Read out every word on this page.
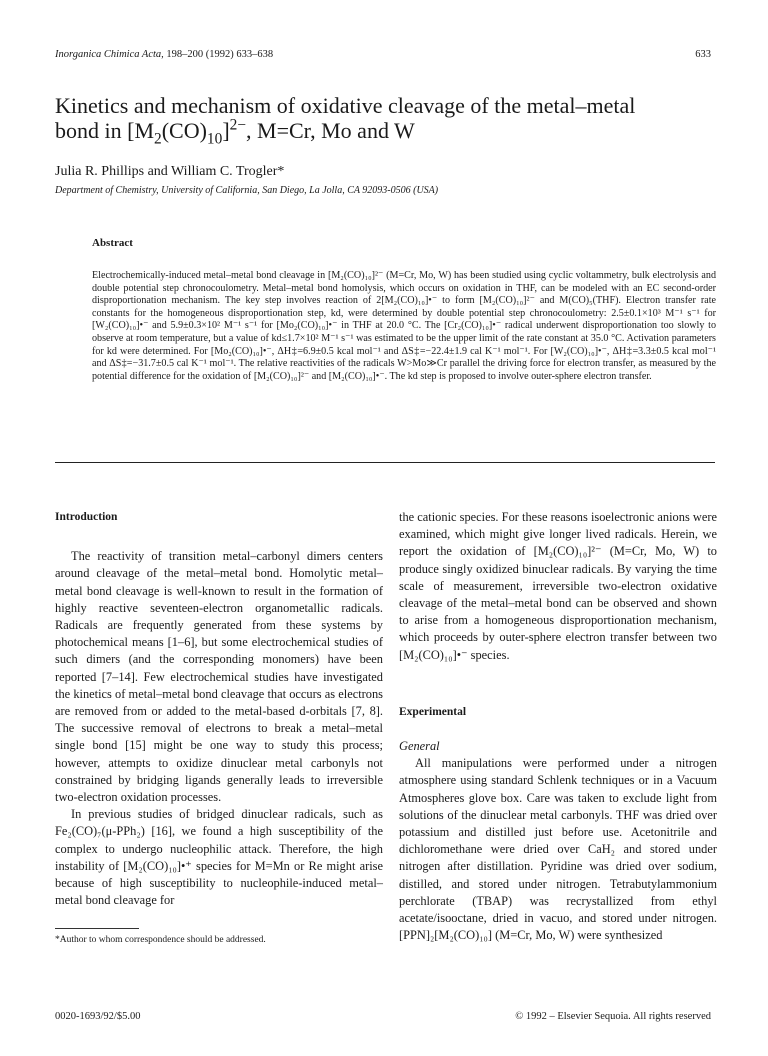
Inorganica Chimica Acta, 198–200 (1992) 633–638	633
Kinetics and mechanism of oxidative cleavage of the metal–metal
bond in $[M_2(CO)_{10}]^{2-}$, M=Cr, Mo and W
Julia R. Phillips and William C. Trogler*
Department of Chemistry, University of California, San Diego, La Jolla, CA 92093-0506 (USA)
Abstract
Electrochemically-induced metal–metal bond cleavage in [M₂(CO)₁₀]²⁻ (M=Cr, Mo, W) has been studied using cyclic voltammetry, bulk electrolysis and double potential step chronocoulometry. Metal–metal bond homolysis, which occurs on oxidation in THF, can be modeled with an EC second-order disproportionation mechanism. The key step involves reaction of 2[M₂(CO)₁₀]•⁻ to form [M₂(CO)₁₀]²⁻ and M(CO)₅(THF). Electron transfer rate constants for the homogeneous disproportionation step, kd, were determined by double potential step chronocoulometry: 2.5±0.1×10³ M⁻¹ s⁻¹ for [W₂(CO)₁₀]•⁻ and 5.9±0.3×10² M⁻¹ s⁻¹ for [Mo₂(CO)₁₀]•⁻ in THF at 20.0 °C. The [Cr₂(CO)₁₀]•⁻ radical underwent disproportionation too slowly to observe at room temperature, but a value of kd≤1.7×10² M⁻¹ s⁻¹ was estimated to be the upper limit of the rate constant at 35.0 °C. Activation parameters for kd were determined. For [Mo₂(CO)₁₀]•⁻, ΔH‡=6.9±0.5 kcal mol⁻¹ and ΔS‡=−22.4±1.9 cal K⁻¹ mol⁻¹. For [W₂(CO)₁₀]•⁻, ΔH‡=3.3±0.5 kcal mol⁻¹ and ΔS‡=−31.7±0.5 cal K⁻¹ mol⁻¹. The relative reactivities of the radicals W>Mo≫Cr parallel the driving force for electron transfer, as measured by the potential difference for the oxidation of [M₂(CO)₁₀]²⁻ and [M₂(CO)₁₀]•⁻. The kd step is proposed to involve outer-sphere electron transfer.
Introduction

The reactivity of transition metal–carbonyl dimers centers around cleavage of the metal–metal bond. Homolytic metal–metal bond cleavage is well-known to result in the formation of highly reactive seventeen-electron organometallic radicals. Radicals are frequently generated from these systems by photochemical means [1–6], but some electrochemical studies of such dimers (and the corresponding monomers) have been reported [7–14]. Few electrochemical studies have investigated the kinetics of metal–metal bond cleavage that occurs as electrons are removed from or added to the metal-based d-orbitals [7, 8]. The successive removal of electrons to break a metal–metal single bond [15] might be one way to study this process; however, attempts to oxidize dinuclear metal carbonyls not constrained by bridging ligands generally leads to irreversible two-electron oxidation processes.

In previous studies of bridged dinuclear radicals, such as Fe₂(CO)₇(μ-PPh₂) [16], we found a high susceptibility of the complex to undergo nucleophilic attack. Therefore, the high instability of [M₂(CO)₁₀]•⁺ species for M=Mn or Re might arise because of high susceptibility to nucleophile-induced metal–metal bond cleavage for

the cationic species. For these reasons isoelectronic anions were examined, which might give longer lived radicals. Herein, we report the oxidation of [M₂(CO)₁₀]²⁻ (M=Cr, Mo, W) to produce singly oxidized binuclear radicals. By varying the time scale of measurement, irreversible two-electron oxidative cleavage of the metal–metal bond can be observed and shown to arise from a homogeneous disproportionation mechanism, which proceeds by outer-sphere electron transfer between two [M₂(CO)₁₀]•⁻ species.

Experimental
General

All manipulations were performed under a nitrogen atmosphere using standard Schlenk techniques or in a Vacuum Atmospheres glove box. Care was taken to exclude light from solutions of the dinuclear metal carbonyls. THF was dried over potassium and distilled just before use. Acetonitrile and dichloromethane were dried over CaH₂ and stored under nitrogen after distillation. Pyridine was dried over sodium, distilled, and stored under nitrogen. Tetrabutylammonium perchlorate (TBAP) was recrystallized from ethyl acetate/isooctane, dried in vacuo, and stored under nitrogen. [PPN]₂[M₂(CO)₁₀] (M=Cr, Mo, W) were synthesized

*Author to whom correspondence should be addressed.
0020-1693/92/$5.00	© 1992 – Elsevier Sequoia. All rights reserved
